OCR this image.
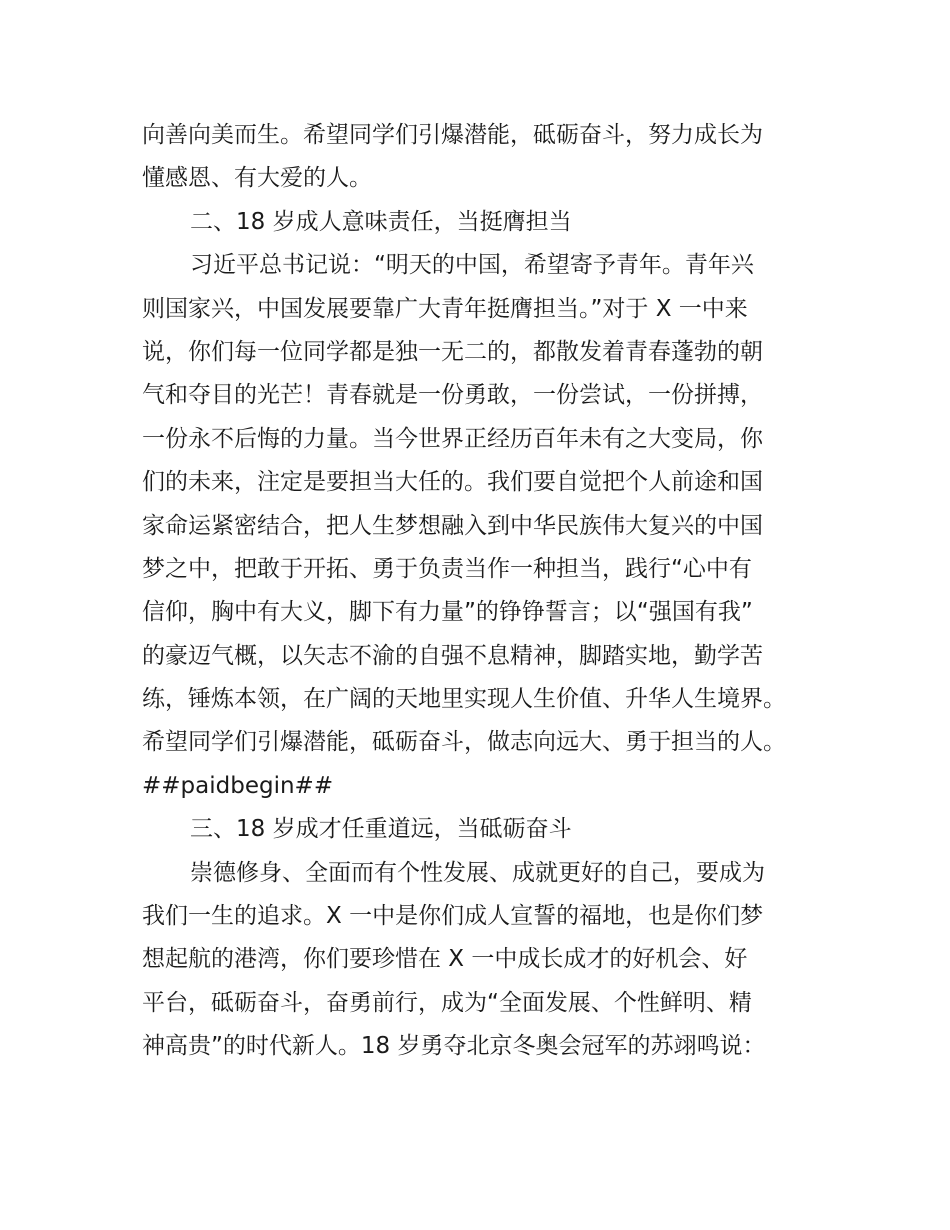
向善向美而生。希望同学们引爆潜能，砥砺奋斗，努力成长为
懂感恩、有大爱的人。
二、18 岁成人意味责任，当挺膺担当
习近平总书记说：“明天的中国，希望寄予青年。青年兴
则国家兴，中国发展要靠广大青年挺膺担当。”对于 X 一中来
说，你们每一位同学都是独一无二的，都散发着青春蓬勃的朝
气和夺目的光芒！青春就是一份勇敢，一份尝试，一份拼搏，
一份永不后悔的力量。当今世界正经历百年未有之大变局，你
们的未来，注定是要担当大任的。我们要自觉把个人前途和国
家命运紧密结合，把人生梦想融入到中华民族伟大复兴的中国
梦之中，把敢于开拓、勇于负责当作一种担当，践行“心中有
信仰，胸中有大义，脚下有力量”的铮铮誓言；以“强国有我”
的豪迈气概，以矢志不渝的自强不息精神，脚踏实地，勤学苦
练，锤炼本领，在广阔的天地里实现人生价值、升华人生境界。
希望同学们引爆潜能，砥砺奋斗，做志向远大、勇于担当的人。
##paidbegin##
三、18 岁成才任重道远，当砥砺奋斗
崇德修身、全面而有个性发展、成就更好的自己，要成为
我们一生的追求。X 一中是你们成人宣誓的福地，也是你们梦
想起航的港湾，你们要珍惜在 X 一中成长成才的好机会、好
平台，砥砺奋斗，奋勇前行，成为“全面发展、个性鲜明、精
神高贵”的时代新人。18 岁勇夺北京冬奥会冠军的苏翊鸣说：
